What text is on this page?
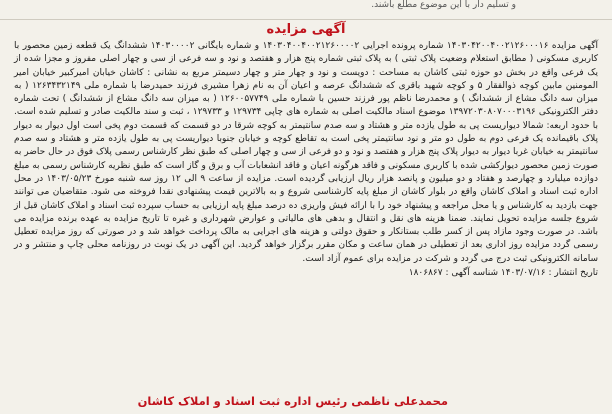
و تسلیم دار با این موضوع مطلع باشند.
آگهی مزایده

آگهی مزایده ۱۴۰۳۰۴۲۰۰۴۰۰۲۱۲۶۰۰۰۱۶ شماره پرونده اجرایی ۱۴۰۳۰۴۰۰۴۰۰۲۱۲۶۰۰۰۰۲ و شماره بایگانی ۱۴۰۳۰۰۰۰۲ ششدانگ یک قطعه زمین محصور با کاربری مسکونی ( مطابق استعلام وضعیت پلاک ثبتی ) به پلاک ثبتی شماره پنج هزار و هفتصد و نود و سه فرعی از سی و چهار اصلی مفروز و مجزا شده از یک فرعی واقع در بخش دو حوزه ثبتی کاشان به مساحت : دویست و نود و چهار متر و چهار دسیمتر مربع به نشانی : کاشان خیابان امیرکبیر خیابان امیر المومنین مابین کوچه ذوالفقار ۵ و کوچه شهید باقری که ششدانگ عرصه و اعیان آن به نام زهرا مشیری فرزند حمیدرضا با شماره ملی ۱۲۶۳۴۳۲۱۴۹ ( به میزان سه دانگ مشاع از ششدانگ ) و محمدرضا ناظم پور فرزند حسین با شماره ملی ۱۲۶۰۰۵۷۷۴۹ ( به میزان سه دانگ مشاع از ششدانگ ) تحت شماره دفتر الکترونیکی ۱۳۹۷۲۰۳۰۸۰۷۰۰۰۳۱۹۶ موضوع اسناد مالکیت اصلی به شماره های چاپی ۱۲۹۷۳۴ و ۱۲۹۷۳۳ ، ثبت و سند مالکیت صادر و تسلیم شده است. با حدود اربعه: شمالا دیواریست پی به طول یازده متر و هشتاد و سه صدم سانتیمتر به کوچه شرقا در دو قسمت که قسمت دوم پخی است اول دیوار به دیوار پلاک باقیمانده یک فرعی دوم به طول دو متر و نود سانتیمتر پخی است به تقاطع کوچه و خیابان جنوبا دیواریست پی به طول یازده متر و هشتاد و سه صدم سانتیمتر به خیابان غربا دیوار به دیوار پلاک پنج هزار و هفتصد و نود و دو فرعی از سی و چهار اصلی که طبق نظر کارشناس رسمی پلاک فوق در حال حاضر به صورت زمین محصور دیوارکشی شده با کاربری مسکونی و فاقد هرگونه اعیان و فاقد انشعابات آب و برق و گاز است که طبق نظریه کارشناس رسمی به مبلغ دوازده میلیارد و چهارصد و هفتاد و دو میلیون و پانصد هزار ریال ارزیابی گردیده است. مزایده از ساعت ۹ الی ۱۲ روز سه شنبه مورخ ۱۴۰۳/۰۵/۲۳ در محل اداره ثبت اسناد و املاک کاشان واقع در بلوار کاشان از مبلغ پایه کارشناسی شروع و به بالاترین قیمت پیشنهادی نقدا فروخته می شود. متقاضیان می توانند جهت بازدید به کارشناس و یا محل مراجعه و پیشنهاد خود را با ارائه فیش واریزی ده درصد مبلغ پایه ارزیابی به حساب سپرده ثبت اسناد و املاک کاشان قبل از شروع جلسه مزایده تحویل نمایند. ضمنا هزینه های نقل و انتقال و بدهی های مالیاتی و عوارض شهرداری و غیره تا تاریخ مزایده به عهده برنده مزایده می باشد. در صورت وجود مازاد پس از کسر طلب بستانکار و حقوق دولتی و هزینه های اجرایی به مالک پرداخت خواهد شد و در صورتی که روز مزایده تعطیل رسمی گردد مزایده روز اداری بعد از تعطیلی در همان ساعت و مکان مقرر برگزار خواهد گردید. این آگهی در یک نوبت در روزنامه محلی چاپ و منتشر و در سامانه الکترونیکی ثبت درج می گردد و شرکت در مزایده برای عموم آزاد است.

تاریخ انتشار : ۱۴۰۳/۰۷/۱۶ شناسه آگهی : ۱۸۰۶۸۶۷

محمدعلی ناظمی رئیس اداره ثبت اسناد و املاک کاشان
